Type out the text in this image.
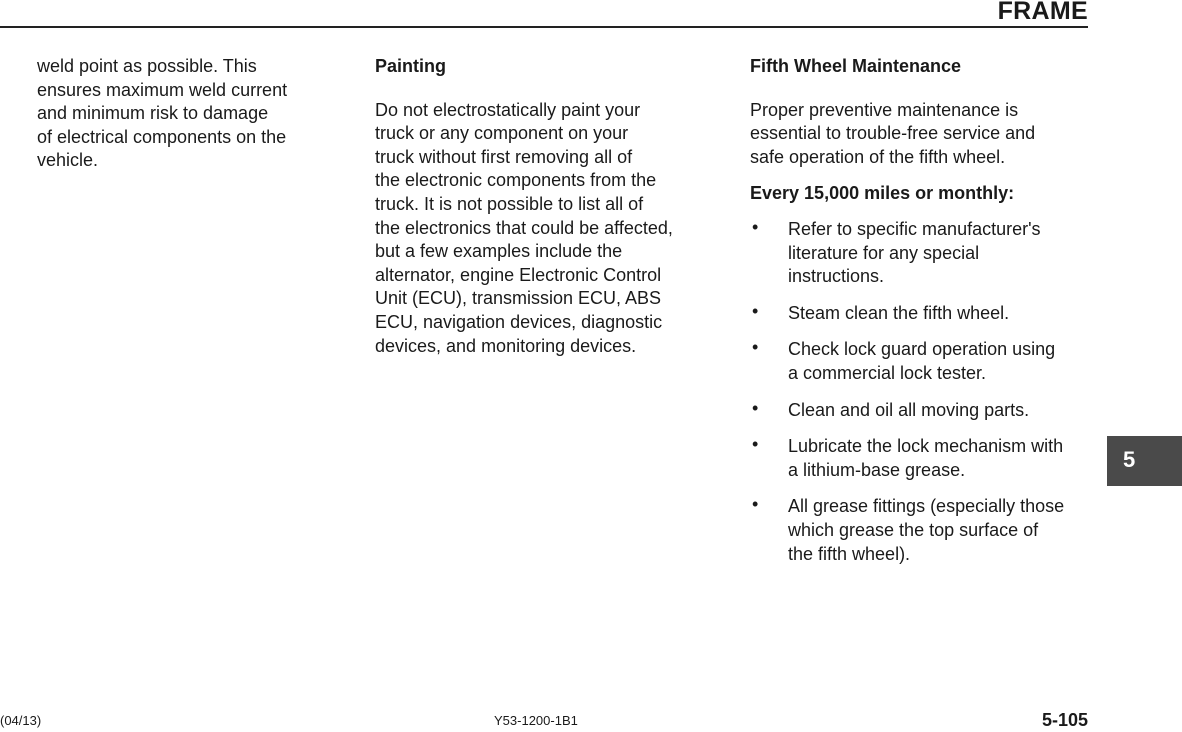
FRAME

weld point as possible. This

ensures maximum weld current

and minimum risk to damage

of electrical components on the

vehicle.

Painting

Do not electrostatically paint your

truck or any component on your

truck without first removing all of

the electronic components from the

truck. It is not possible to list all of

the electronics that could be affected,

but a few examples include the

alternator, engine Electronic Control

Unit (ECU), transmission ECU, ABS

ECU, navigation devices, diagnostic

devices, and monitoring devices.

Fifth Wheel Maintenance

Proper preventive maintenance is

essential to trouble-free service and

safe operation of the fifth wheel.

Every 15,000 miles or monthly:

• Refer to specific manufacturer's

literature for any special

instructions.

• Steam clean the fifth wheel.

• Check lock guard operation using

a commercial lock tester.

• Clean and oil all moving parts.

• Lubricate the lock mechanism with

a lithium-base grease.

• All grease fittings (especially those

which grease the top surface of

the fifth wheel).

5
(04/13)	Y53-1200-1B1	5-105
